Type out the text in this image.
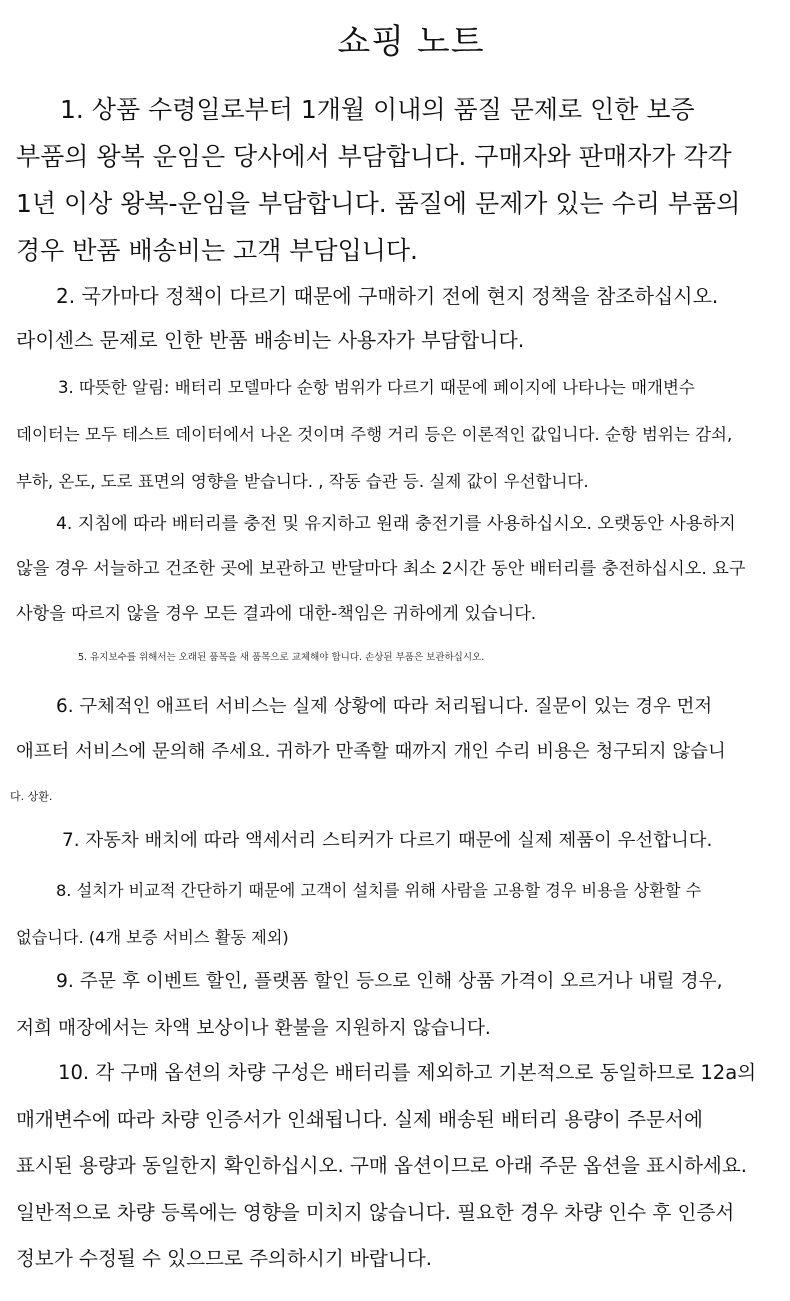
쇼핑 노트

1. 상품 수령일로부터 1개월 이내의 품질 문제로 인한 보증 부품의 왕복 운임은 당사에서 부담합니다. 구매자와 판매자가 각각 1년 이상 왕복-운임을 부담합니다. 품질에 문제가 있는 수리 부품의 경우 반품 배송비는 고객 부담입니다.

2. 국가마다 정책이 다르기 때문에 구매하기 전에 현지 정책을 참조하십시오. 라이센스 문제로 인한 반품 배송비는 사용자가 부담합니다.

3. 따뜻한 알림: 배터리 모델마다 순항 범위가 다르기 때문에 페이지에 나타나는 매개변수 데이터는 모두 테스트 데이터에서 나온 것이며 주행 거리 등은 이론적인 값입니다. 순항 범위는 감쇠, 부하, 온도, 도로 표면의 영향을 받습니다. , 작동 습관 등. 실제 값이 우선합니다.

4. 지침에 따라 배터리를 충전 및 유지하고 원래 충전기를 사용하십시오. 오랫동안 사용하지 않을 경우 서늘하고 건조한 곳에 보관하고 반달마다 최소 2시간 동안 배터리를 충전하십시오. 요구 사항을 따르지 않을 경우 모든 결과에 대한-책임은 귀하에게 있습니다.

5. 유지보수를 위해서는 오래된 품목을 새 품목으로 교체해야 합니다. 손상된 부품은 보관하십시오.

6. 구체적인 애프터 서비스는 실제 상황에 따라 처리됩니다. 질문이 있는 경우 먼저 애프터 서비스에 문의해 주세요. 귀하가 만족할 때까지 개인 수리 비용은 청구되지 않습니

다. 상환.

7. 자동차 배치에 따라 액세서리 스티커가 다르기 때문에 실제 제품이 우선합니다.

8. 설치가 비교적 간단하기 때문에 고객이 설치를 위해 사람을 고용할 경우 비용을 상환할 수 없습니다. (4개 보증 서비스 활동 제외)

9. 주문 후 이벤트 할인, 플랫폼 할인 등으로 인해 상품 가격이 오르거나 내릴 경우, 저희 매장에서는 차액 보상이나 환불을 지원하지 않습니다.

10. 각 구매 옵션의 차량 구성은 배터리를 제외하고 기본적으로 동일하므로 12a의 매개변수에 따라 차량 인증서가 인쇄됩니다. 실제 배송된 배터리 용량이 주문서에 표시된 용량과 동일한지 확인하십시오. 구매 옵션이므로 아래 주문 옵션을 표시하세요. 일반적으로 차량 등록에는 영향을 미치지 않습니다. 필요한 경우 차량 인수 후 인증서 정보가 수정될 수 있으므로 주의하시기 바랍니다.
